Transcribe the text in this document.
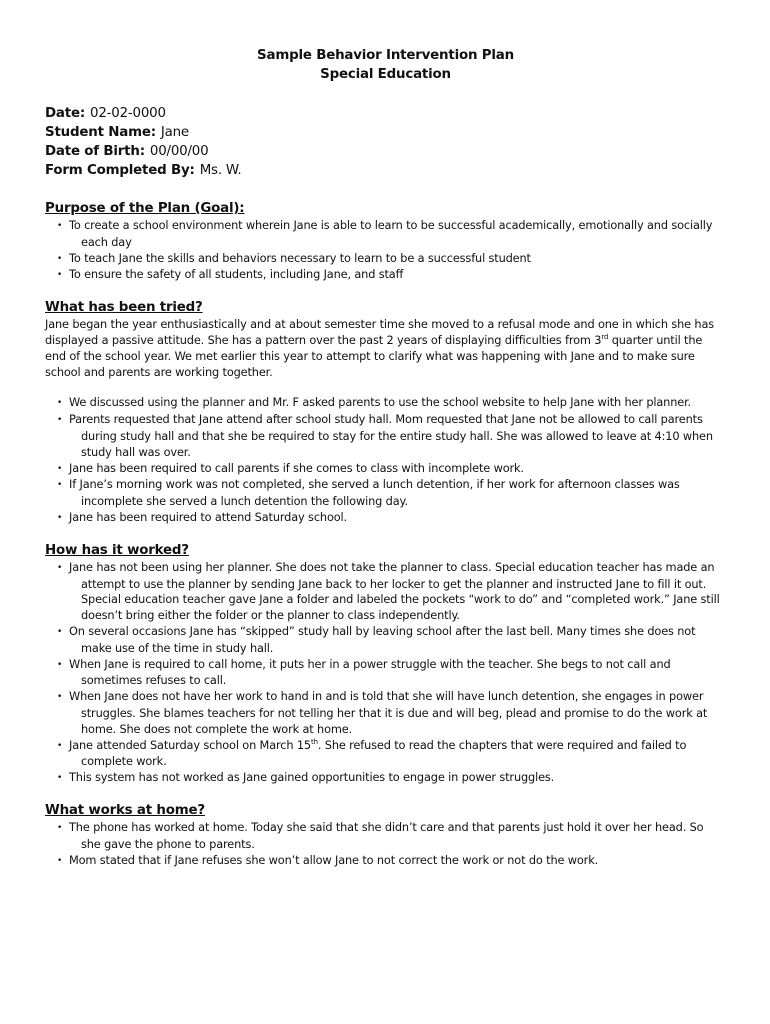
Sample Behavior Intervention Plan
Special Education
Date: 02-02-0000
Student Name: Jane
Date of Birth: 00/00/00
Form Completed By: Ms. W.
Purpose of the Plan (Goal):
• To create a school environment wherein Jane is able to learn to be successful academically, emotionally and socially each day
• To teach Jane the skills and behaviors necessary to learn to be a successful student
• To ensure the safety of all students, including Jane, and staff
What has been tried?
Jane began the year enthusiastically and at about semester time she moved to a refusal mode and one in which she has displayed a passive attitude. She has a pattern over the past 2 years of displaying difficulties from 3rd quarter until the end of the school year. We met earlier this year to attempt to clarify what was happening with Jane and to make sure school and parents are working together.
• We discussed using the planner and Mr. F asked parents to use the school website to help Jane with her planner.
• Parents requested that Jane attend after school study hall. Mom requested that Jane not be allowed to call parents during study hall and that she be required to stay for the entire study hall. She was allowed to leave at 4:10 when study hall was over.
• Jane has been required to call parents if she comes to class with incomplete work.
• If Jane’s morning work was not completed, she served a lunch detention, if her work for afternoon classes was incomplete she served a lunch detention the following day.
• Jane has been required to attend Saturday school.
How has it worked?
• Jane has not been using her planner. She does not take the planner to class. Special education teacher has made an attempt to use the planner by sending Jane back to her locker to get the planner and instructed Jane to fill it out. Special education teacher gave Jane a folder and labeled the pockets “work to do” and “completed work.” Jane still doesn’t bring either the folder or the planner to class independently.
• On several occasions Jane has “skipped” study hall by leaving school after the last bell. Many times she does not make use of the time in study hall.
• When Jane is required to call home, it puts her in a power struggle with the teacher. She begs to not call and sometimes refuses to call.
• When Jane does not have her work to hand in and is told that she will have lunch detention, she engages in power struggles. She blames teachers for not telling her that it is due and will beg, plead and promise to do the work at home. She does not complete the work at home.
• Jane attended Saturday school on March 15th. She refused to read the chapters that were required and failed to complete work.
• This system has not worked as Jane gained opportunities to engage in power struggles.
What works at home?
• The phone has worked at home. Today she said that she didn’t care and that parents just hold it over her head. So she gave the phone to parents.
• Mom stated that if Jane refuses she won’t allow Jane to not correct the work or not do the work.
